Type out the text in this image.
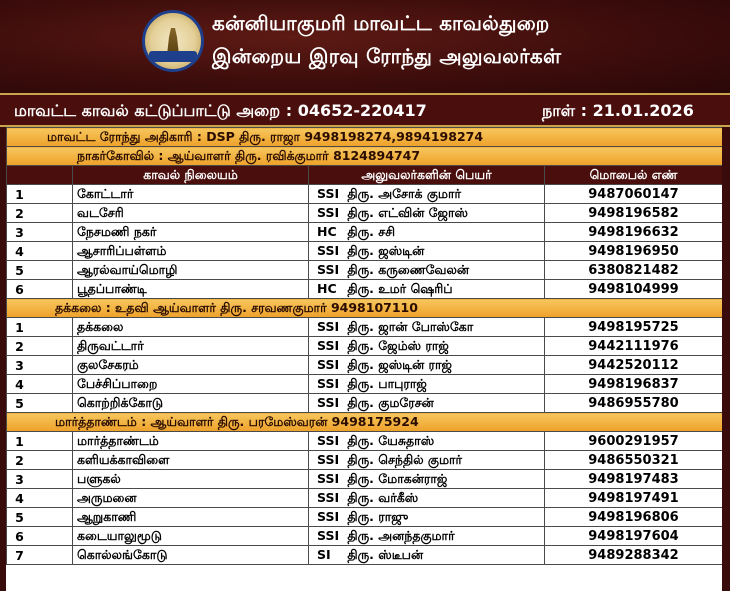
கன்னியாகுமரி மாவட்ட காவல்துறை
இன்றைய இரவு ரோந்து அலுவலர்கள்
மாவட்ட காவல் கட்டுப்பாட்டு அறை : 04652-220417	நாள் : 21.01.2026
மாவட்ட ரோந்து அதிகாரி : DSP திரு. ராஜா 9498198274,9894198274			
நாகர்கோவில் : ஆய்வாளர் திரு. ரவிக்குமார் 8124894747			
	காவல் நிலையம்	அலுவலர்களின் பெயர்	மொபைல் எண்
1	கோட்டார்	SSI திரு. அசோக் குமார்	9487060147
2	வடசேரி	SSI திரு. எட்வின் ஜோஸ்	9498196582
3	நேசமணி நகர்	HC திரு. சசி	9498196632
4	ஆசாரிப்பள்ளம்	SSI திரு. ஜஸ்டின்	9498196950
5	ஆரல்வாய்மொழி	SSI திரு. கருணைவேலன்	6380821482
6	பூதப்பாண்டி	HC திரு. உமர் ஷெரிப்	9498104999
தக்கலை : உதவி ஆய்வாளர் திரு. சரவணகுமார் 9498107110			
1	தக்கலை	SSI திரு. ஜான் போஸ்கோ	9498195725
2	திருவட்டார்	SSI திரு. ஜேம்ஸ் ராஜ்	9442111976
3	குலசேகரம்	SSI திரு. ஜஸ்டின் ராஜ்	9442520112
4	பேச்சிப்பாறை	SSI திரு. பாபுராஜ்	9498196837
5	கொற்றிக்கோடு	SSI திரு. குமரேசன்	9486955780
மார்த்தாண்டம் : ஆய்வாளர் திரு. பரமேஸ்வரன் 9498175924			
1	மார்த்தாண்டம்	SSI திரு. யேசுதாஸ்	9600291957
2	களியக்காவிளை	SSI திரு. செந்தில் குமார்	9486550321
3	பளுகல்	SSI திரு. மோகன்ராஜ்	9498197483
4	அருமனை	SSI திரு. வர்கீஸ்	9498197491
5	ஆறுகாணி	SSI திரு. ராஜு	9498196806
6	கடையாலுமூடு	SSI திரு. அனந்தகுமார்	9498197604
7	கொல்லங்கோடு	SI திரு. ஸ்டீபன்	9489288342
